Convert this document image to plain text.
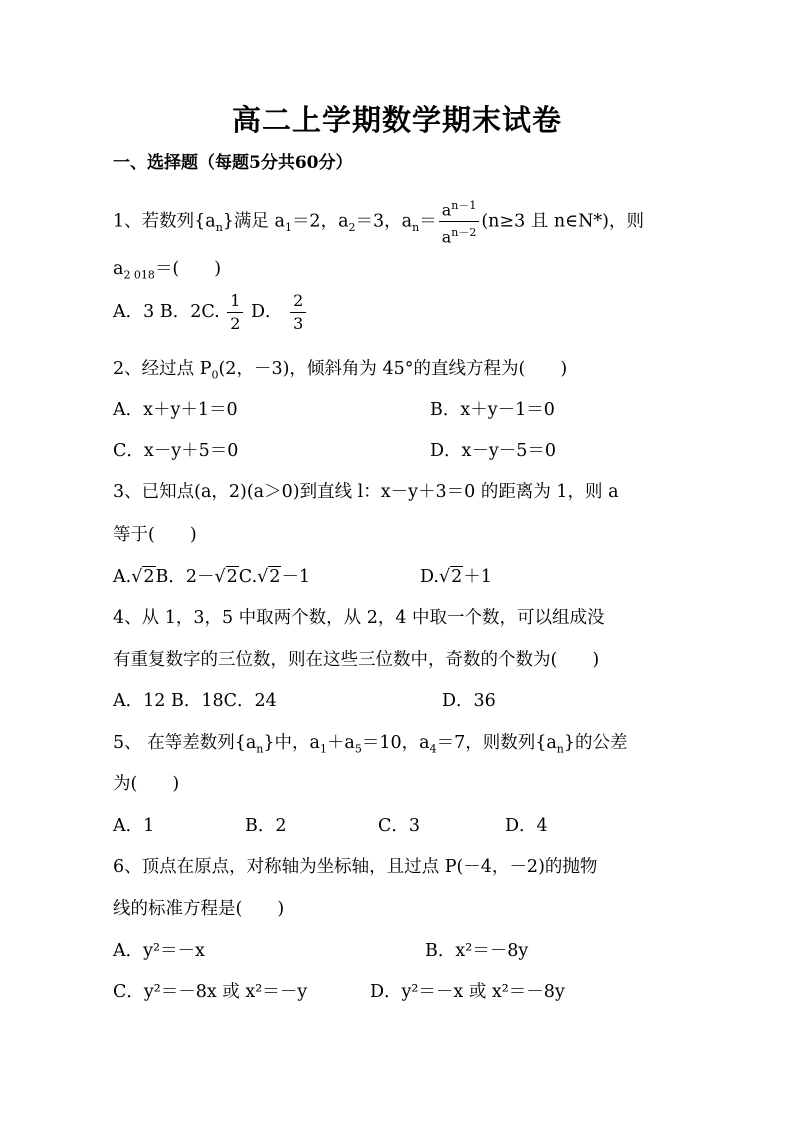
高二上学期数学期末试卷
一、选择题（每题5分共60分）
1、若数列$\{a_n\}$满足 $a_1=2$，$a_2=3$，$a_n= \frac{a^{n-1}}{a^{n-2}} (n\ge 3$ 且 n∈N*)，则
$a_{2 018}=$(　　)
A．3 B．2C. $\frac{1}{2}$ D． $\frac{2}{3}$
2、经过点 $P_0(2$，－3)，倾斜角为 45°的直线方程为(　　)
A．x＋y＋1＝0	B．x＋y－1＝0
C．x－y＋5＝0	D．x－y－5＝0
3、已知点(a，2)(a＞0)到直线 l：x－y＋3＝0 的距离为 1，则 a
等于(　　)
A.√2B．2－√2C.√2－1	D.√2＋1
4、从 1，3，5 中取两个数，从 2，4 中取一个数，可以组成没
有重复数字的三位数，则在这些三位数中，奇数的个数为(　　)
A．12 B．18C．24	D．36
5、 在等差数列$\{a_n\}$中，$a_1+a_5=10$，$a_4=7$，则数列$\{a_n\}$的公差
为(　　)
A．1	B．2	C．3	D．4
6、顶点在原点，对称轴为坐标轴，且过点 P(－4，－2)的抛物
线的标准方程是(　　)
A．y²＝－x	B．x²＝－8y
C．y²＝－8x 或 x²＝－y	D．y²＝－x 或 x²＝－8y
